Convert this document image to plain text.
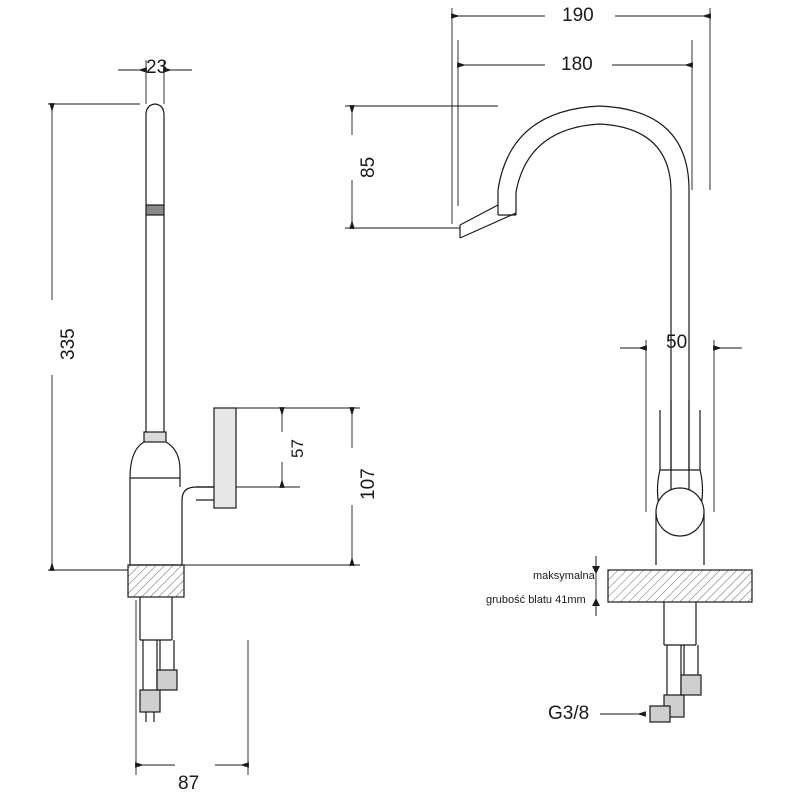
23
335
57
107
87
190
180
85
50
G3/8
maksymalna
grubość blatu 41mm
